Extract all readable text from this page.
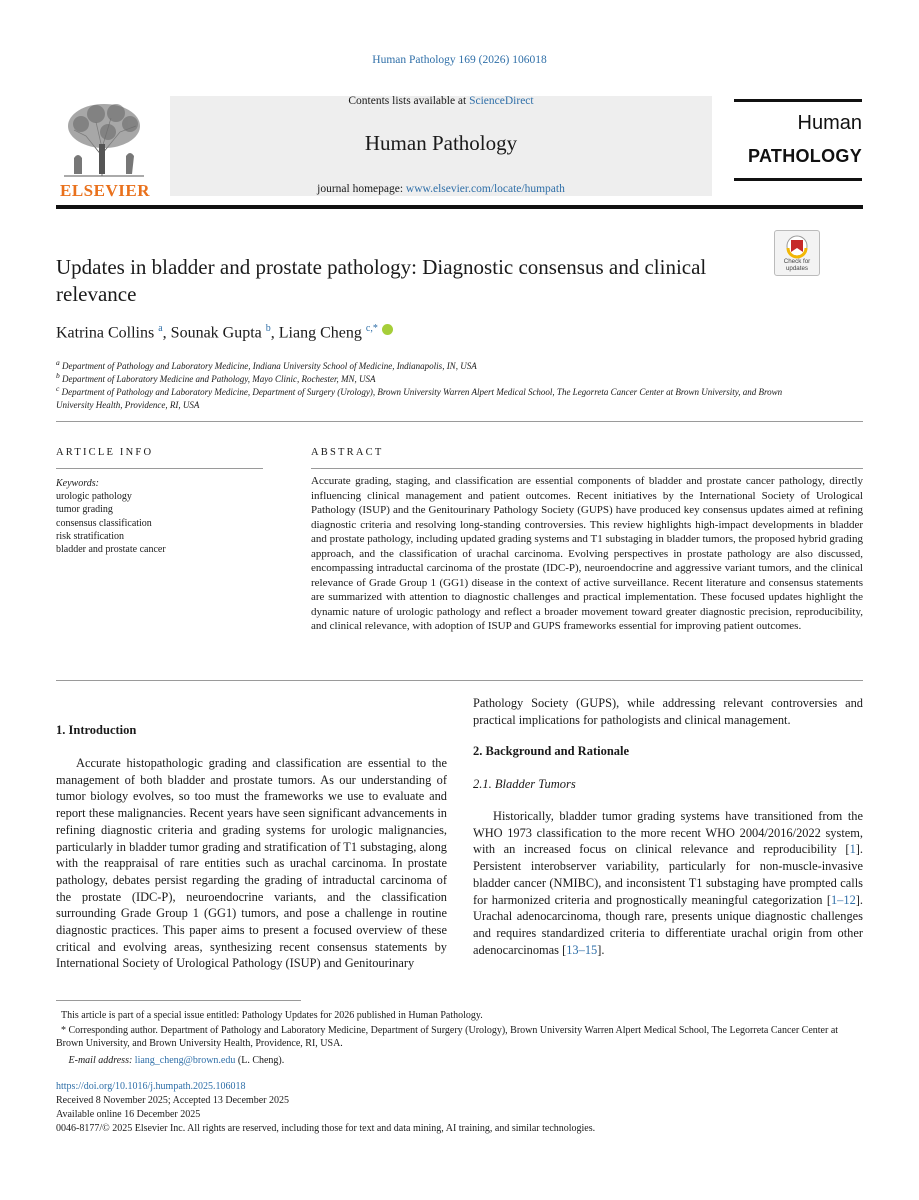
Human Pathology 169 (2026) 106018
ELSEVIER
Contents lists available at ScienceDirect
Human Pathology
journal homepage: www.elsevier.com/locate/humpath
Human
PATHOLOGY
Updates in bladder and prostate pathology: Diagnostic consensus and clinical relevance
Check for updates
Katrina Collins $^a$, Sounak Gupta $^b$, Liang Cheng $^{c,*}$
$^a$ Department of Pathology and Laboratory Medicine, Indiana University School of Medicine, Indianapolis, IN, USA
$^b$ Department of Laboratory Medicine and Pathology, Mayo Clinic, Rochester, MN, USA
$^c$ Department of Pathology and Laboratory Medicine, Department of Surgery (Urology), Brown University Warren Alpert Medical School, The Legorreta Cancer Center at Brown University, and Brown University Health, Providence, RI, USA
ARTICLE INFO
Keywords:
urologic pathology
tumor grading
consensus classification
risk stratification
bladder and prostate cancer
ABSTRACT
Accurate grading, staging, and classification are essential components of bladder and prostate cancer pathology, directly influencing clinical management and patient outcomes. Recent initiatives by the International Society of Urological Pathology (ISUP) and the Genitourinary Pathology Society (GUPS) have produced key consensus updates aimed at refining diagnostic criteria and resolving long-standing controversies. This review highlights high-impact developments in bladder and prostate pathology, including updated grading systems and T1 substaging in bladder tumors, the proposed hybrid grading approach, and the classification of urachal carcinoma. Evolving perspectives in prostate pathology are also discussed, encompassing intraductal carcinoma of the prostate (IDC-P), neuroendocrine and aggressive variant tumors, and the clinical relevance of Grade Group 1 (GG1) disease in the context of active surveillance. Recent literature and consensus statements are summarized with attention to diagnostic challenges and practical implementation. These focused updates highlight the dynamic nature of urologic pathology and reflect a broader movement toward greater diagnostic precision, reproducibility, and clinical relevance, with adoption of ISUP and GUPS frameworks essential for improving patient outcomes.
1. Introduction
Accurate histopathologic grading and classification are essential to the management of both bladder and prostate tumors. As our understanding of tumor biology evolves, so too must the frameworks we use to evaluate and report these malignancies. Recent years have seen significant advancements in refining diagnostic criteria and grading systems for urologic malignancies, particularly in bladder tumor grading and stratification of T1 substaging, along with the reappraisal of rare entities such as urachal carcinoma. In prostate pathology, debates persist regarding the grading of intraductal carcinoma of the prostate (IDC-P), neuroendocrine variants, and the classification surrounding Grade Group 1 (GG1) tumors, and pose a challenge in routine diagnostic practices. This paper aims to present a focused overview of these critical and evolving areas, synthesizing recent consensus statements by International Society of Urological Pathology (ISUP) and Genitourinary
Pathology Society (GUPS), while addressing relevant controversies and practical implications for pathologists and clinical management.
2. Background and Rationale
2.1. Bladder Tumors
Historically, bladder tumor grading systems have transitioned from the WHO 1973 classification to the more recent WHO 2004/2016/2022 system, with an increased focus on clinical relevance and reproducibility [1]. Persistent interobserver variability, particularly for non-muscle-invasive bladder cancer (NMIBC), and inconsistent T1 substaging have prompted calls for harmonized criteria and prognostically meaningful categorization [1–12]. Urachal adenocarcinoma, though rare, presents unique diagnostic challenges and requires standardized criteria to differentiate urachal origin from other adenocarcinomas [13–15].
This article is part of a special issue entitled: Pathology Updates for 2026 published in Human Pathology.
* Corresponding author. Department of Pathology and Laboratory Medicine, Department of Surgery (Urology), Brown University Warren Alpert Medical School, The Legorreta Cancer Center at Brown University, and Brown University Health, Providence, RI, USA.
E-mail address: liang_cheng@brown.edu (L. Cheng).
https://doi.org/10.1016/j.humpath.2025.106018
Received 8 November 2025; Accepted 13 December 2025
Available online 16 December 2025
0046-8177/© 2025 Elsevier Inc. All rights are reserved, including those for text and data mining, AI training, and similar technologies.
